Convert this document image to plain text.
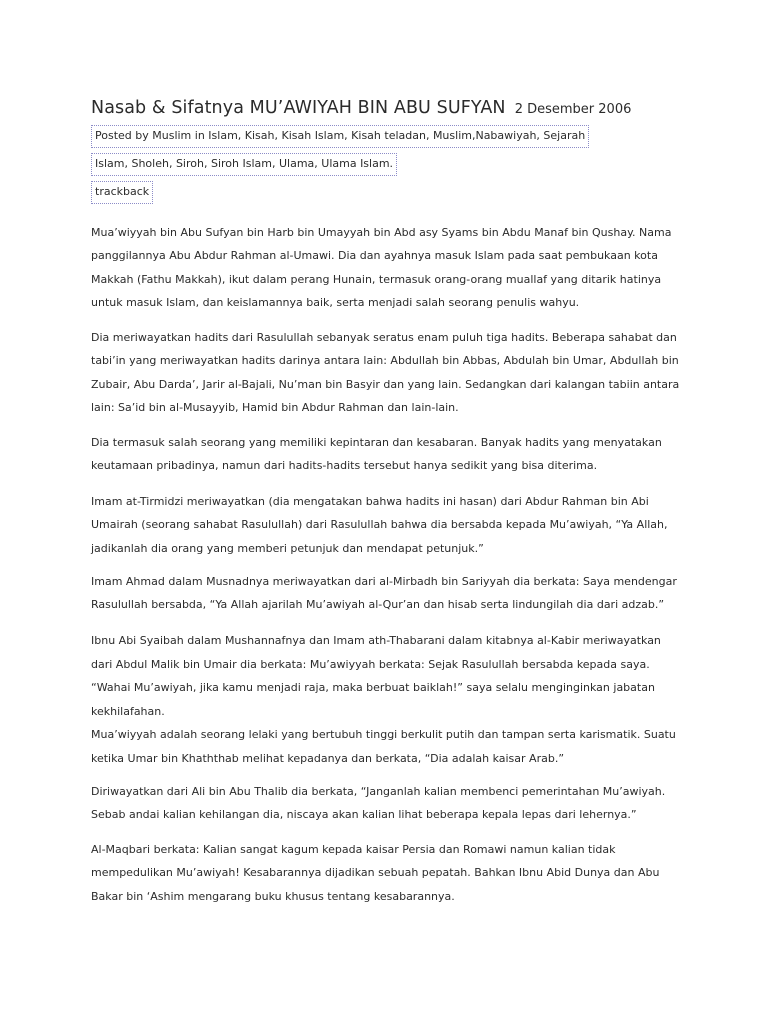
Nasab & Sifatnya MU’AWIYAH BIN ABU SUFYAN 2 Desember 2006
Posted by Muslim in Islam, Kisah, Kisah Islam, Kisah teladan, Muslim,Nabawiyah, Sejarah
Islam, Sholeh, Siroh, Siroh Islam, Ulama, Ulama Islam.
trackback
Mua’wiyyah bin Abu Sufyan bin Harb bin Umayyah bin Abd asy Syams bin Abdu Manaf bin Qushay. Nama
panggilannya Abu Abdur Rahman al-Umawi. Dia dan ayahnya masuk Islam pada saat pembukaan kota
Makkah (Fathu Makkah), ikut dalam perang Hunain, termasuk orang-orang muallaf yang ditarik hatinya
untuk masuk Islam, dan keislamannya baik, serta menjadi salah seorang penulis wahyu.
Dia meriwayatkan hadits dari Rasulullah sebanyak seratus enam puluh tiga hadits. Beberapa sahabat dan
tabi’in yang meriwayatkan hadits darinya antara lain: Abdullah bin Abbas, Abdulah bin Umar, Abdullah bin
Zubair, Abu Darda’, Jarir al-Bajali, Nu’man bin Basyir dan yang lain. Sedangkan dari kalangan tabiin antara
lain: Sa’id bin al-Musayyib, Hamid bin Abdur Rahman dan lain-lain.
Dia termasuk salah seorang yang memiliki kepintaran dan kesabaran. Banyak hadits yang menyatakan
keutamaan pribadinya, namun dari hadits-hadits tersebut hanya sedikit yang bisa diterima.
Imam at-Tirmidzi meriwayatkan (dia mengatakan bahwa hadits ini hasan) dari Abdur Rahman bin Abi
Umairah (seorang sahabat Rasulullah) dari Rasulullah bahwa dia bersabda kepada Mu’awiyah, “Ya Allah,
jadikanlah dia orang yang memberi petunjuk dan mendapat petunjuk.”
Imam Ahmad dalam Musnadnya meriwayatkan dari al-Mirbadh bin Sariyyah dia berkata: Saya mendengar
Rasulullah bersabda, “Ya Allah ajarilah Mu’awiyah al-Qur’an dan hisab serta lindungilah dia dari adzab.”
Ibnu Abi Syaibah dalam Mushannafnya dan Imam ath-Thabarani dalam kitabnya al-Kabir meriwayatkan
dari Abdul Malik bin Umair dia berkata: Mu’awiyyah berkata: Sejak Rasulullah bersabda kepada saya.
“Wahai Mu’awiyah, jika kamu menjadi raja, maka berbuat baiklah!” saya selalu menginginkan jabatan
kekhilafahan.
Mua’wiyyah adalah seorang lelaki yang bertubuh tinggi berkulit putih dan tampan serta karismatik. Suatu
ketika Umar bin Khaththab melihat kepadanya dan berkata, “Dia adalah kaisar Arab.”
Diriwayatkan dari Ali bin Abu Thalib dia berkata, “Janganlah kalian membenci pemerintahan Mu’awiyah.
Sebab andai kalian kehilangan dia, niscaya akan kalian lihat beberapa kepala lepas dari lehernya.”
Al-Maqbari berkata: Kalian sangat kagum kepada kaisar Persia dan Romawi namun kalian tidak
mempedulikan Mu’awiyah! Kesabarannya dijadikan sebuah pepatah. Bahkan Ibnu Abid Dunya dan Abu
Bakar bin ‘Ashim mengarang buku khusus tentang kesabarannya.
